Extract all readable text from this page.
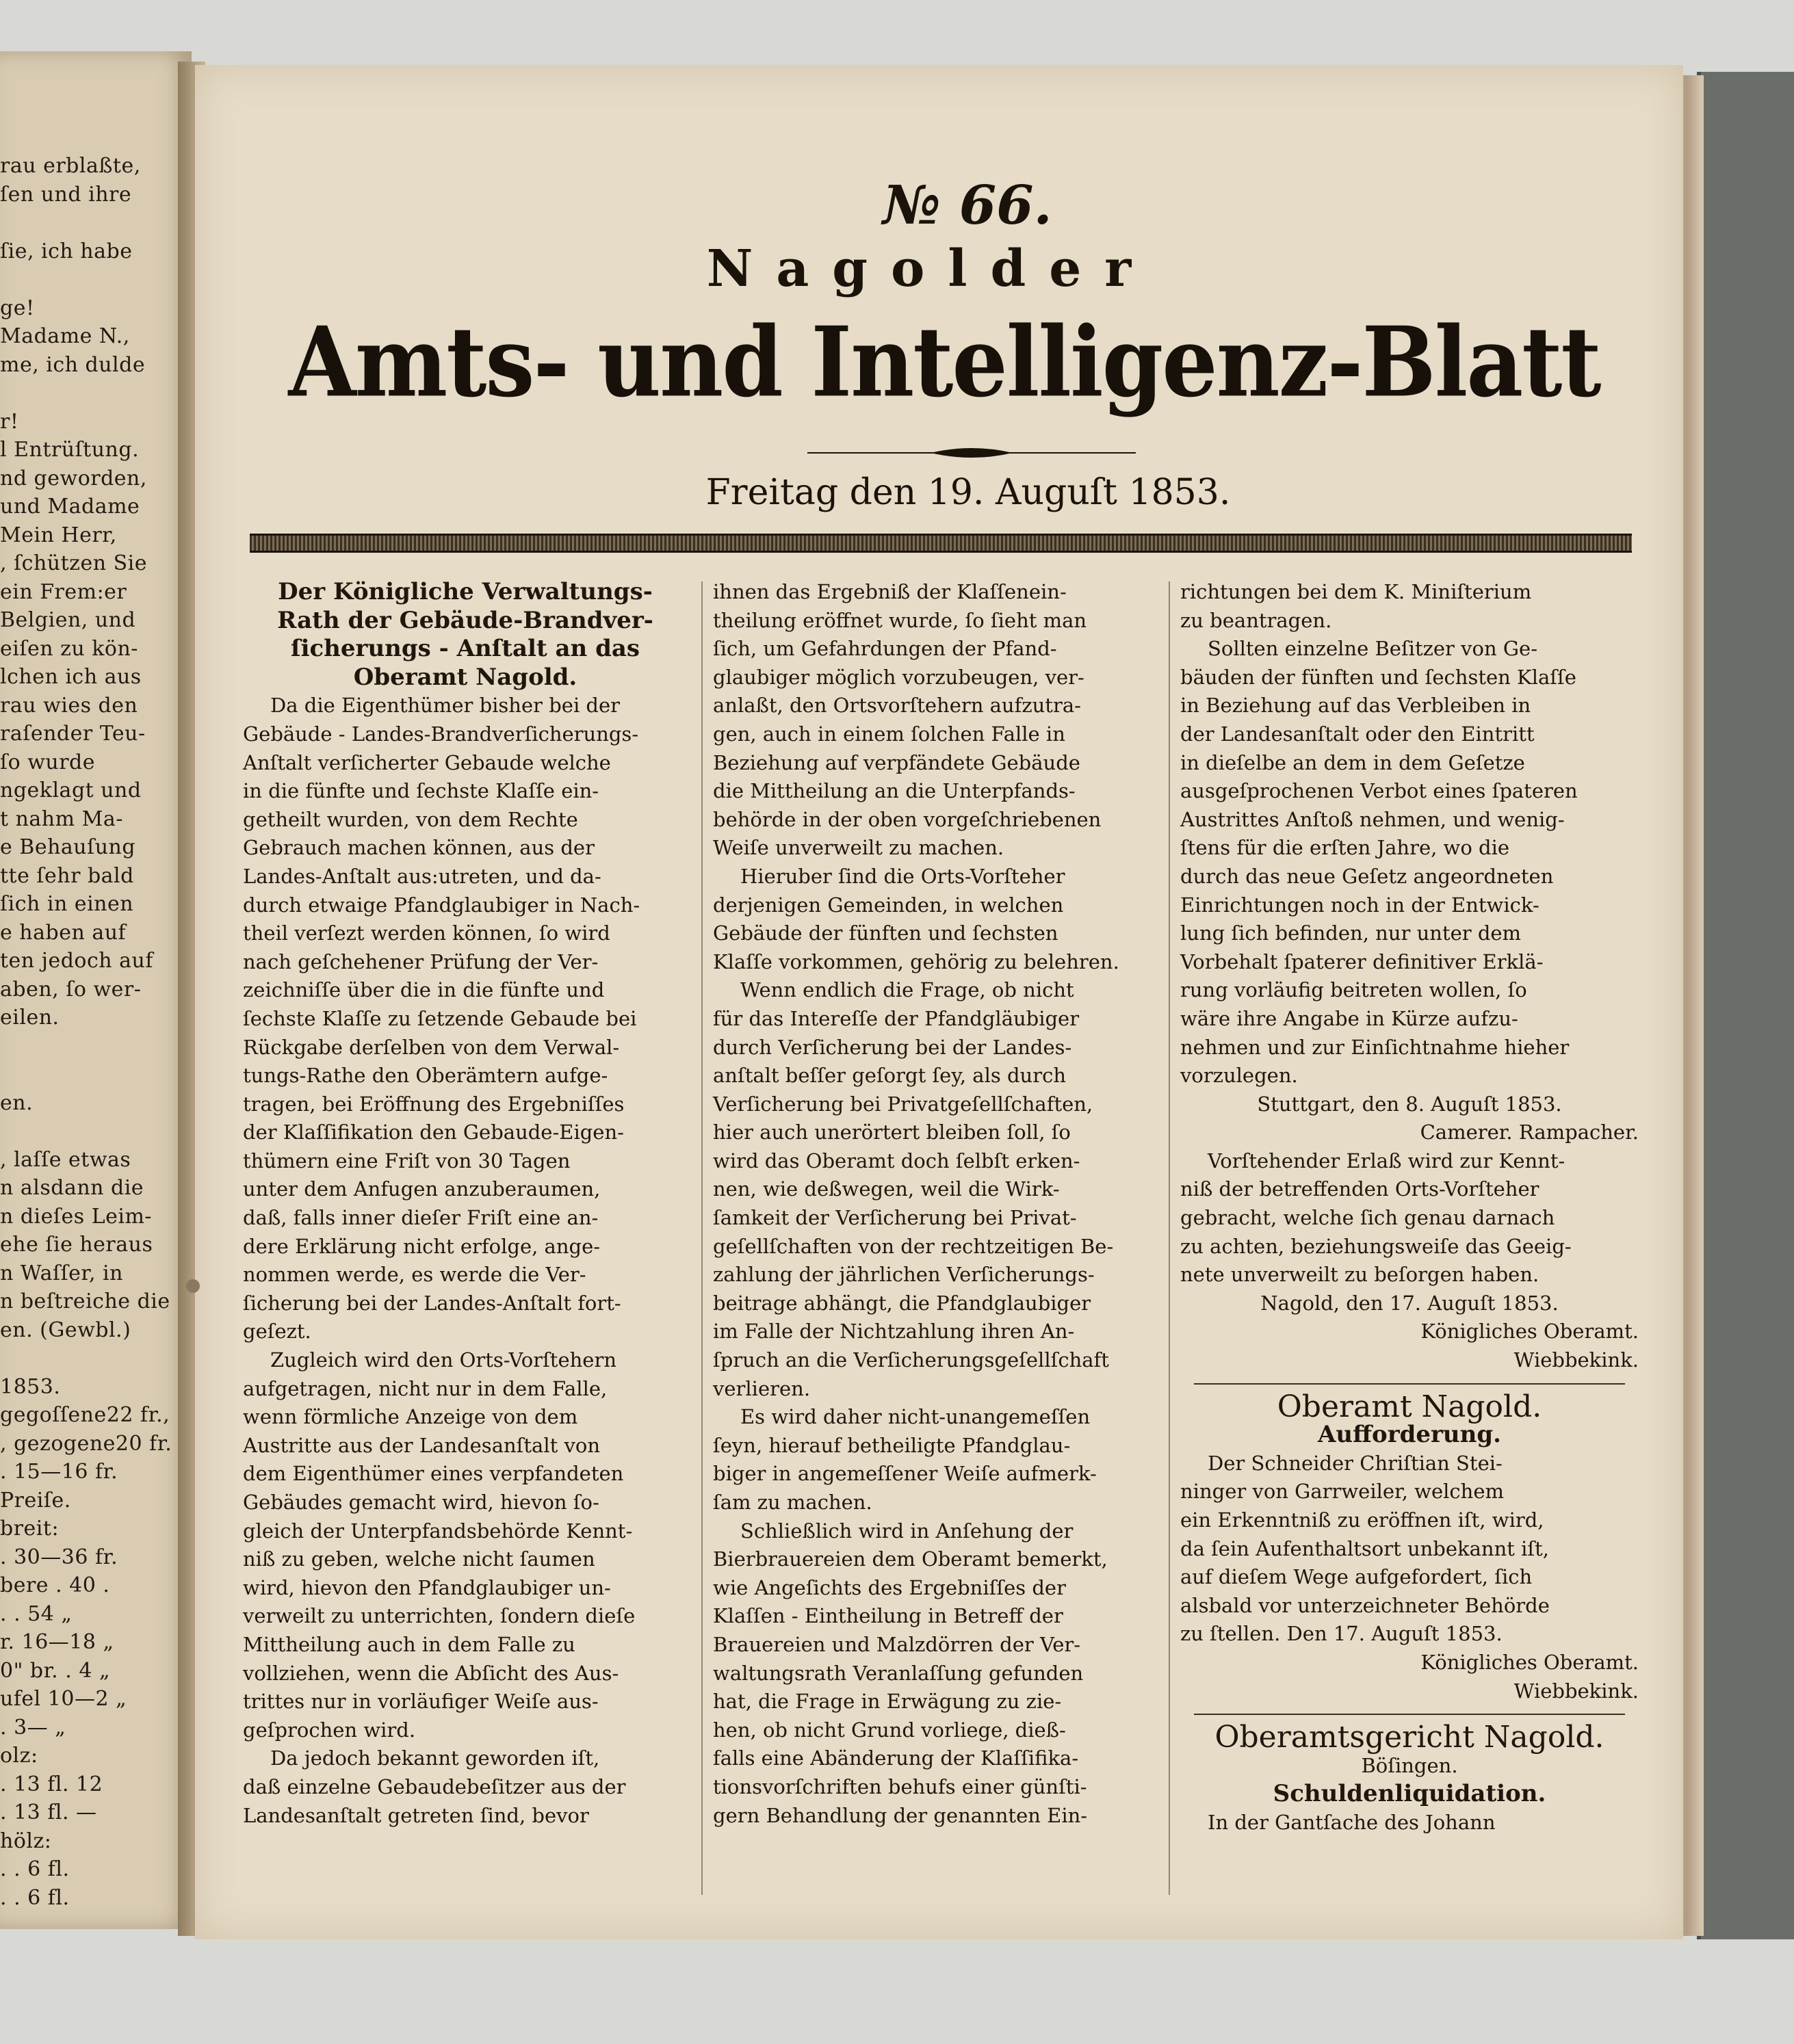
rau erblaßte,
ſen und ihre
ſie, ich habe
ge!
Madame N.,
me, ich dulde
r!
l Entrüſtung.
nd geworden,
und Madame
Mein Herr,
, ſchützen Sie
ein Frem:er
Belgien, und
eiſen zu kön-
lchen ich aus
rau wies den
raſender Teu-
ſo wurde
ngeklagt und
t nahm Ma-
e Behauſung
tte ſehr bald
ſich in einen
e haben auf
ten jedoch auf
aben, ſo wer-
eilen.
en.
, laſſe etwas
n alsdann die
n dieſes Leim-
ehe ſie heraus
n Waſſer, in
n beſtreiche die
en. (Gewbl.)
1853.
gegoſſene22 fr.,
, gezogene20 fr.
. 15—16 fr.
Preiſe.
breit:
. 30—36 fr.
bere . 40 .
. . 54 „
r. 16—18 „
0" br. . 4 „
ufel 10—2 „
. 3— „
olz:
. 13 fl. 12
. 13 fl. —
hölz:
. . 6 fl.
. . 6 fl.
№ 66.
Nagolder
Amts- und Intelligenz-Blatt
Freitag den 19. Auguſt 1853.
Der Königliche Verwaltungs-
Rath der Gebäude-Brandver-
ſicherungs - Anſtalt an das
Oberamt Nagold.
Da die Eigenthümer bisher bei der
Gebäude - Landes-Brandverſicherungs-
Anſtalt verſicherter Gebaude welche
in die fünfte und ſechste Klaſſe ein-
getheilt wurden, von dem Rechte
Gebrauch machen können, aus der
Landes-Anſtalt aus:utreten, und da-
durch etwaige Pfandglaubiger in Nach-
theil verſezt werden können, ſo wird
nach geſchehener Prüfung der Ver-
zeichniſſe über die in die fünfte und
ſechste Klaſſe zu ſetzende Gebaude bei
Rückgabe derſelben von dem Verwal-
tungs-Rathe den Oberämtern aufge-
tragen, bei Eröffnung des Ergebniſſes
der Klaſſifikation den Gebaude-Eigen-
thümern eine Friſt von 30 Tagen
unter dem Anfugen anzuberaumen,
daß, falls inner dieſer Friſt eine an-
dere Erklärung nicht erfolge, ange-
nommen werde, es werde die Ver-
ſicherung bei der Landes-Anſtalt fort-
geſezt.
Zugleich wird den Orts-Vorſtehern
aufgetragen, nicht nur in dem Falle,
wenn förmliche Anzeige von dem
Austritte aus der Landesanſtalt von
dem Eigenthümer eines verpfandeten
Gebäudes gemacht wird, hievon ſo-
gleich der Unterpfandsbehörde Kennt-
niß zu geben, welche nicht ſaumen
wird, hievon den Pfandglaubiger un-
verweilt zu unterrichten, ſondern dieſe
Mittheilung auch in dem Falle zu
vollziehen, wenn die Abſicht des Aus-
trittes nur in vorläufiger Weiſe aus-
geſprochen wird.
Da jedoch bekannt geworden iſt,
daß einzelne Gebaudebeſitzer aus der
Landesanſtalt getreten ſind, bevor
ihnen das Ergebniß der Klaſſenein-
theilung eröffnet wurde, ſo ſieht man
ſich, um Gefahrdungen der Pfand-
glaubiger möglich vorzubeugen, ver-
anlaßt, den Ortsvorſtehern aufzutra-
gen, auch in einem ſolchen Falle in
Beziehung auf verpfändete Gebäude
die Mittheilung an die Unterpfands-
behörde in der oben vorgeſchriebenen
Weiſe unverweilt zu machen.
Hieruber ſind die Orts-Vorſteher
derjenigen Gemeinden, in welchen
Gebäude der fünften und ſechsten
Klaſſe vorkommen, gehörig zu belehren.
Wenn endlich die Frage, ob nicht
für das Intereſſe der Pfandgläubiger
durch Verſicherung bei der Landes-
anſtalt beſſer geſorgt ſey, als durch
Verſicherung bei Privatgeſellſchaften,
hier auch unerörtert bleiben ſoll, ſo
wird das Oberamt doch ſelbſt erken-
nen, wie deßwegen, weil die Wirk-
ſamkeit der Verſicherung bei Privat-
geſellſchaften von der rechtzeitigen Be-
zahlung der jährlichen Verſicherungs-
beitrage abhängt, die Pfandglaubiger
im Falle der Nichtzahlung ihren An-
ſpruch an die Verſicherungsgeſellſchaft
verlieren.
Es wird daher nicht-unangemeſſen
ſeyn, hierauf betheiligte Pfandglau-
biger in angemeſſener Weiſe aufmerk-
ſam zu machen.
Schließlich wird in Anſehung der
Bierbrauereien dem Oberamt bemerkt,
wie Angeſichts des Ergebniſſes der
Klaſſen - Eintheilung in Betreff der
Brauereien und Malzdörren der Ver-
waltungsrath Veranlaſſung gefunden
hat, die Frage in Erwägung zu zie-
hen, ob nicht Grund vorliege, dieß-
falls eine Abänderung der Klaſſifika-
tionsvorſchriften behufs einer günſti-
gern Behandlung der genannten Ein-
richtungen bei dem K. Miniſterium
zu beantragen.
Sollten einzelne Beſitzer von Ge-
bäuden der fünften und ſechsten Klaſſe
in Beziehung auf das Verbleiben in
der Landesanſtalt oder den Eintritt
in dieſelbe an dem in dem Geſetze
ausgeſprochenen Verbot eines ſpateren
Austrittes Anſtoß nehmen, und wenig-
ſtens für die erſten Jahre, wo die
durch das neue Geſetz angeordneten
Einrichtungen noch in der Entwick-
lung ſich befinden, nur unter dem
Vorbehalt ſpaterer definitiver Erklä-
rung vorläufig beitreten wollen, ſo
wäre ihre Angabe in Kürze aufzu-
nehmen und zur Einſichtnahme hieher
vorzulegen.
Stuttgart, den 8. Auguſt 1853.
Camerer. Rampacher.
Vorſtehender Erlaß wird zur Kennt-
niß der betreffenden Orts-Vorſteher
gebracht, welche ſich genau darnach
zu achten, beziehungsweiſe das Geeig-
nete unverweilt zu beſorgen haben.
Nagold, den 17. Auguſt 1853.
Königliches Oberamt.
Wiebbekink.
Oberamt Nagold.
Aufforderung.
Der Schneider Chriſtian Stei-
ninger von Garrweiler, welchem
ein Erkenntniß zu eröffnen iſt, wird,
da ſein Aufenthaltsort unbekannt iſt,
auf dieſem Wege aufgefordert, ſich
alsbald vor unterzeichneter Behörde
zu ſtellen. Den 17. Auguſt 1853.
Königliches Oberamt.
Wiebbekink.
Oberamtsgericht Nagold.
Böſingen.
Schuldenliquidation.
In der Gantſache des Johann
